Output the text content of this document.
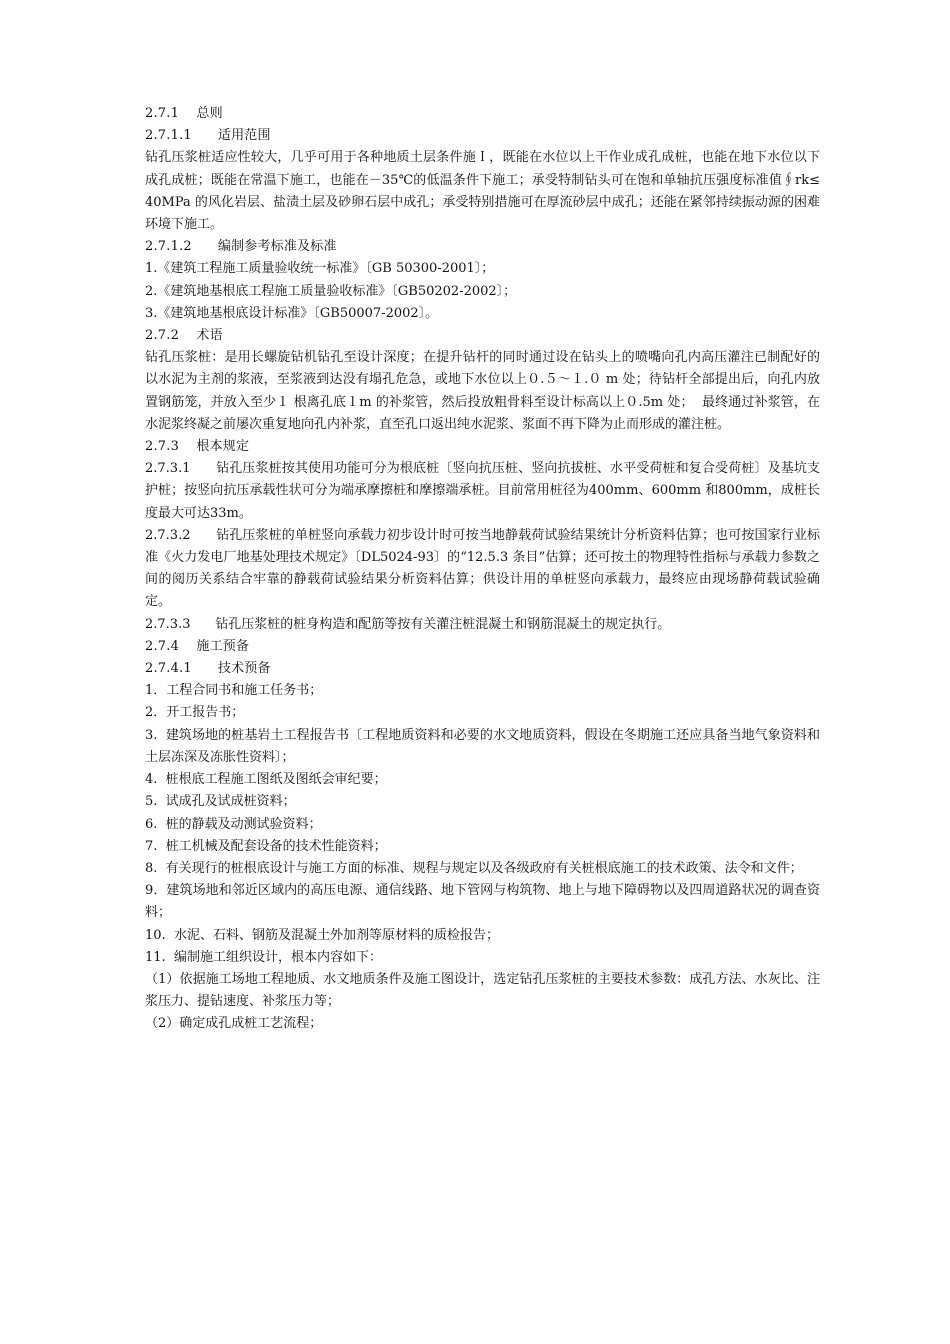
2.7.1    总则

2.7.1.1      适用范围

钻孔压浆桩适应性较大，几乎可用于各种地质土层条件施Ｉ，既能在水位以上干作业成孔成桩，也能在地下水位以下成孔成桩；既能在常温下施工，也能在－35℃的低温条件下施工；承受特制钻头可在饱和单轴抗压强度标准值∮rk≤40MPa 的风化岩层、盐渍土层及砂卵石层中成孔；承受特别措施可在厚流砂层中成孔；还能在紧邻持续振动源的困难环境下施工。

2.7.1.2      编制参考标准及标准

1.《建筑工程施工质量验收统一标准》〔GB 50300-2001〕；

2.《建筑地基根底工程施工质量验收标准》〔GB50202-2002〕；

3.《建筑地基根底设计标准》〔GB50007-2002〕。

2.7.2    术语

钻孔压浆桩：是用长螺旋钻机钻孔至设计深度；在提升钻杆的同时通过设在钻头上的喷嘴向孔内高压灌注已制配好的以水泥为主剂的浆液，至浆液到达没有塌孔危急，或地下水位以上０.５～１.０ m 处；待钻杆全部提出后，向孔内放置钢筋笼，并放入至少１ 根离孔底１m 的补浆管，然后投放粗骨料至设计标高以上０.5m 处；  最终通过补浆管，在水泥浆终凝之前屡次重复地向孔内补浆，直至孔口返出纯水泥浆、浆面不再下降为止而形成的灌注桩。

2.7.3    根本规定

2.7.3.1      钻孔压浆桩按其使用功能可分为根底桩〔竖向抗压桩、竖向抗拔桩、水平受荷桩和复合受荷桩〕及基坑支护桩；按竖向抗压承载性状可分为端承摩擦桩和摩擦端承桩。目前常用桩径为400mm、600mm 和800mm，成桩长度最大可达33m。

2.7.3.2      钻孔压浆桩的单桩竖向承载力初步设计时可按当地静载荷试验结果统计分析资料估算；也可按国家行业标准《火力发电厂地基处理技术规定》〔DL5024-93〕的“12.5.3 条目”估算；还可按土的物理特性指标与承载力参数之间的阅历关系结合牢靠的静载荷试验结果分析资料估算；供设计用的单桩竖向承载力，最终应由现场静荷载试验确定。

2.7.3.3      钻孔压浆桩的桩身构造和配筋等按有关灌注桩混凝土和钢筋混凝土的规定执行。

2.7.4    施工预备

2.7.4.1      技术预备

1．工程合同书和施工任务书；

2．开工报告书；

3.  建筑场地的桩基岩土工程报告书〔工程地质资料和必要的水文地质资料，假设在冬期施工还应具备当地气象资料和土层冻深及冻胀性资料〕；

4.  桩根底工程施工图纸及图纸会审纪要；

5.  试成孔及试成桩资料；

6.  桩的静载及动测试验资料；

7.  桩工机械及配套设备的技术性能资料；

8.  有关现行的桩根底设计与施工方面的标准、规程与规定以及各级政府有关桩根底施工的技术政策、法令和文件；

9．建筑场地和邻近区域内的高压电源、通信线路、地下管网与构筑物、地上与地下障碍物以及四周道路状况的调查资料；

10.  水泥、石料、钢筋及混凝土外加剂等原材料的质检报告；

11.  编制施工组织设计，根本内容如下：

（1）依据施工场地工程地质、水文地质条件及施工图设计，选定钻孔压浆桩的主要技术参数：成孔方法、水灰比、注浆压力、提钻速度、补浆压力等；

（2）确定成孔成桩工艺流程；
